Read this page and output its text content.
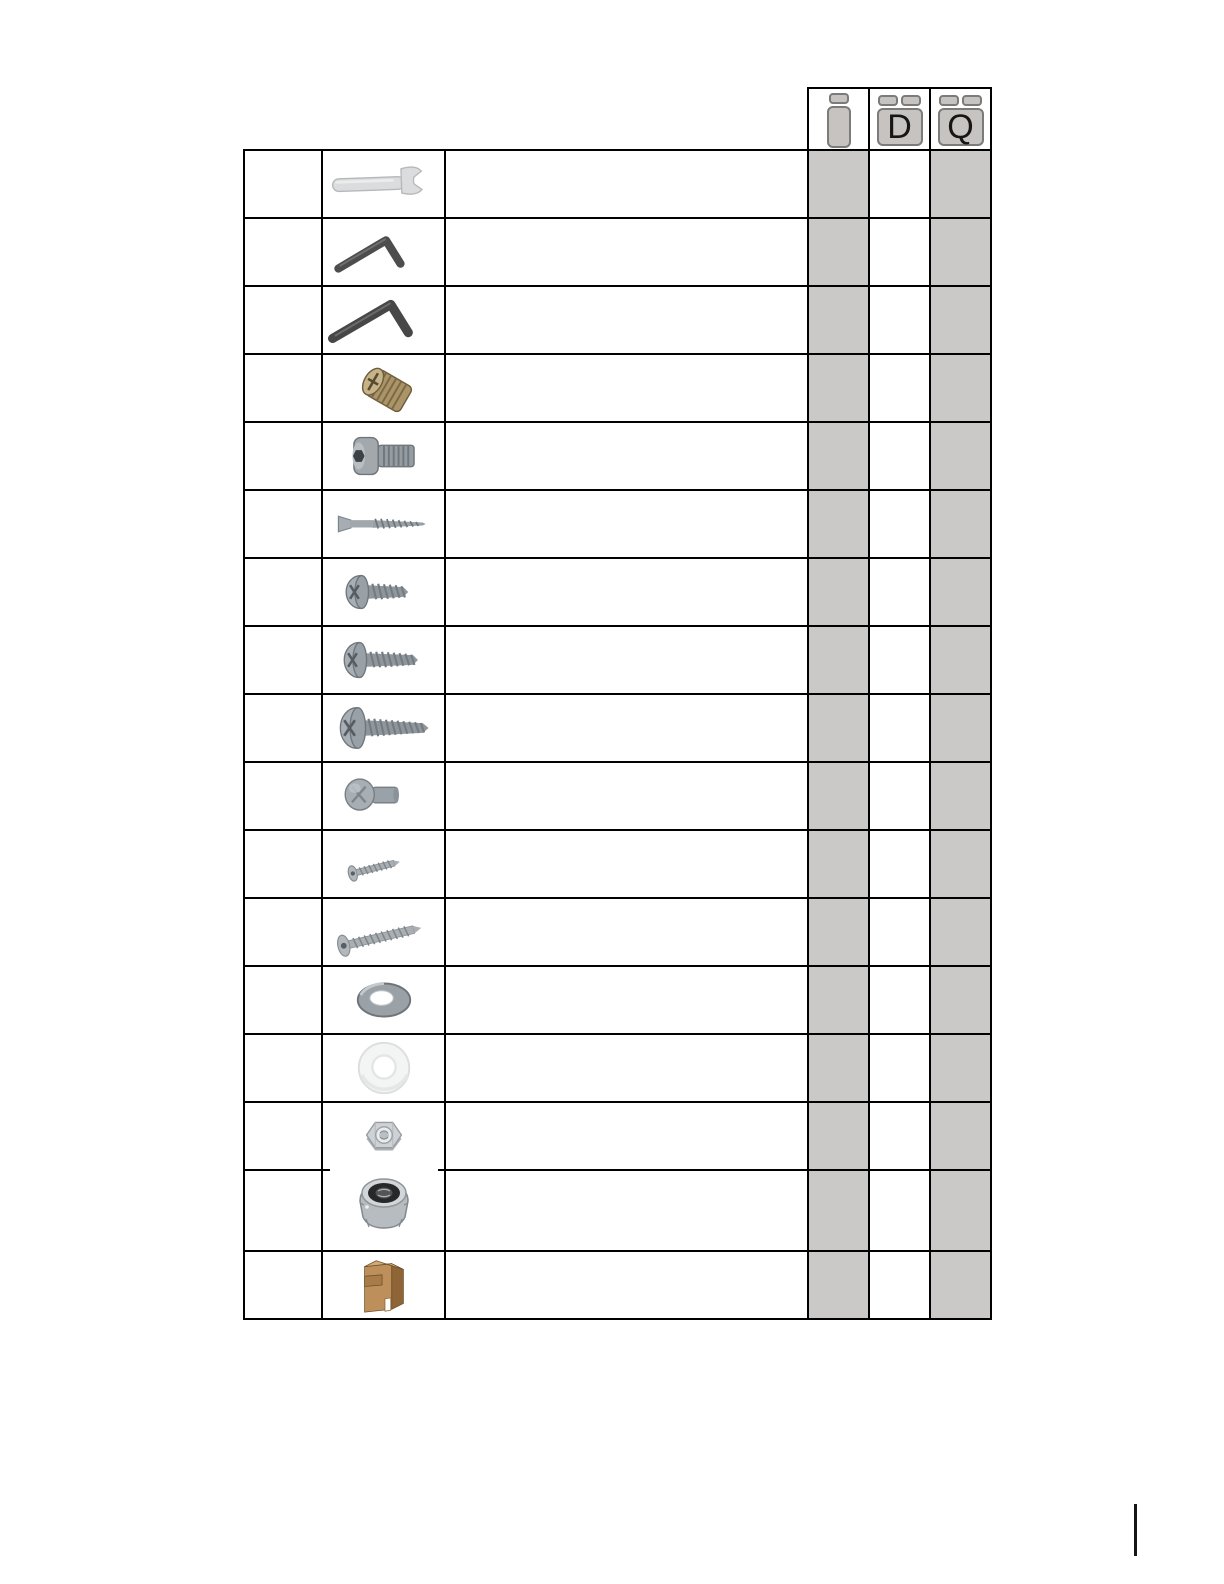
				D	Q
